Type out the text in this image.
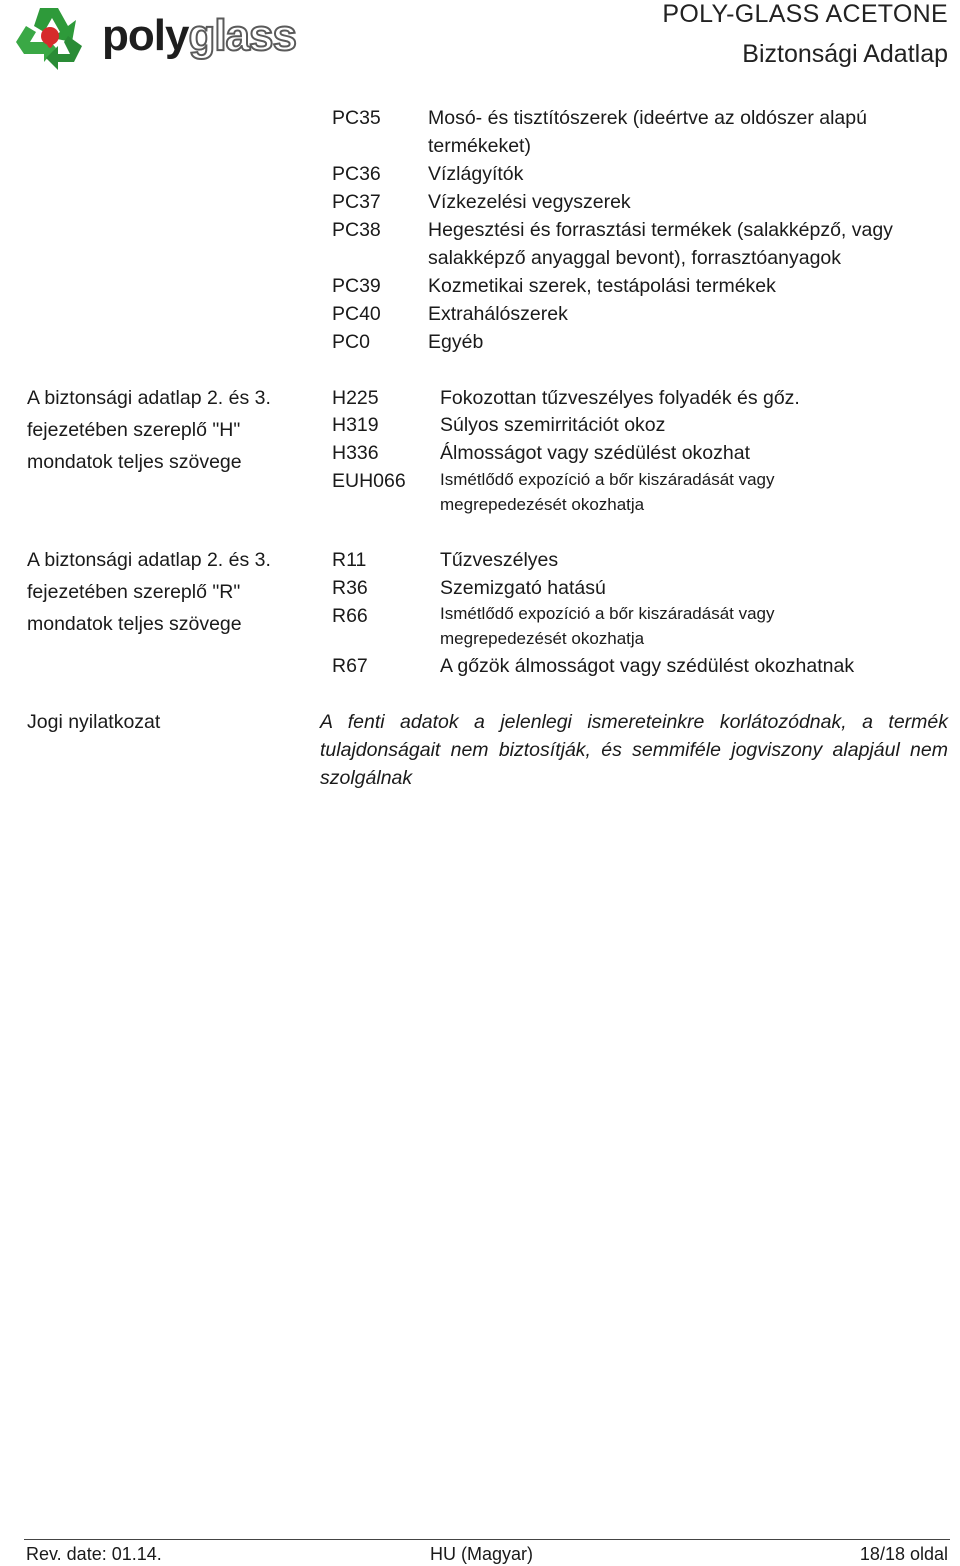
polyglass	POLY-GLASS ACETONE
Biztonsági Adatlap
PC35 Mosó- és tisztítószerek (ideértve az oldószer alapú termékeket)
PC36 Vízlágyítók
PC37 Vízkezelési vegyszerek
PC38 Hegesztési és forrasztási termékek (salakképző, vagy salakképző anyaggal bevont), forrasztóanyagok
PC39 Kozmetikai szerek, testápolási termékek
PC40 Extrahálószerek
PC0	Egyéb
A biztonsági adatlap 2. és 3. fejezetében szereplő "H" mondatok teljes szövege
H225	Fokozottan tűzveszélyes folyadék és gőz.
H319	Súlyos szemirritációt okoz
H336	Álmosságot vagy szédülést okozhat
EUH066 Ismétlődő expozíció a bőr kiszáradását vagy megrepedezését okozhatja
A biztonsági adatlap 2. és 3. fejezetében szereplő "R" mondatok teljes szövege
R11	Tűzveszélyes
R36	Szemizgató hatású
R66	Ismétlődő expozíció a bőr kiszáradását vagy megrepedezését okozhatja
R67	A gőzök álmosságot vagy szédülést okozhatnak
Jogi nyilatkozat	A fenti adatok a jelenlegi ismereteinkre korlátozódnak, a termék tulajdonságait nem biztosítják, és semmiféle jogviszony alapjául nem szolgálnak
Rev. date: 01.14.	HU (Magyar)	18/18 oldal
